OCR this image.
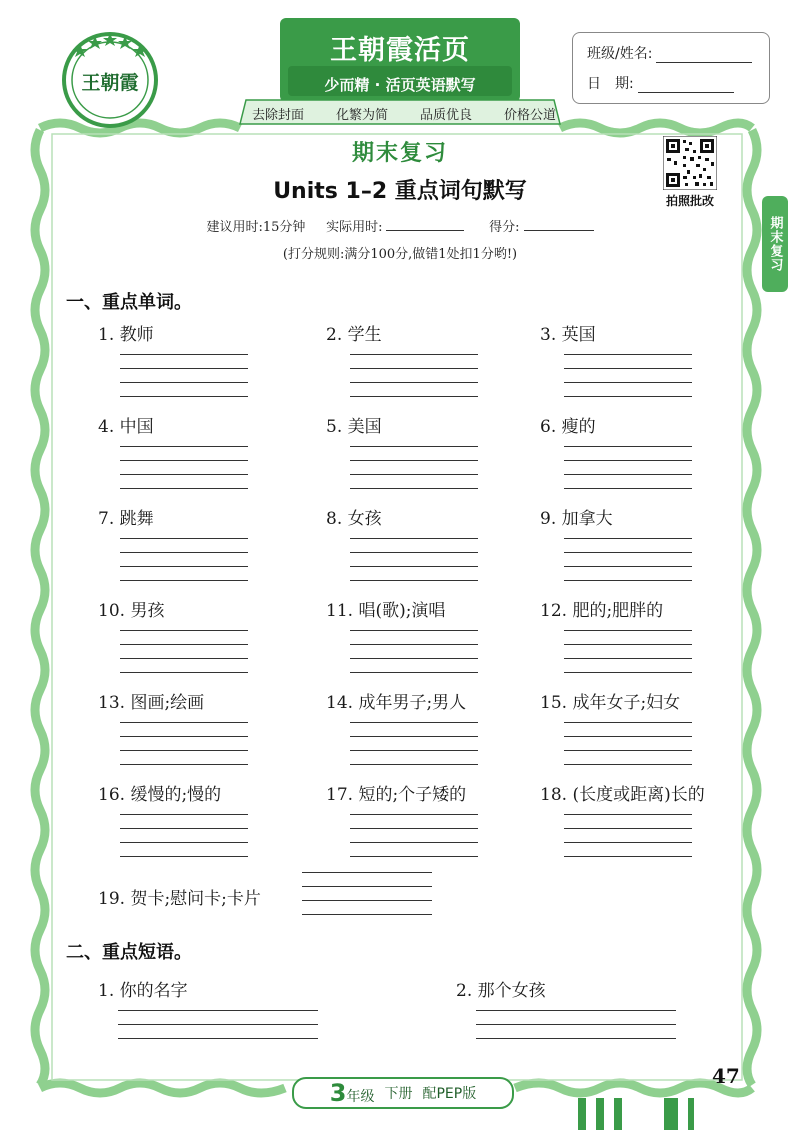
王朝霞活页
少而精 · 活页英语默写
去除封面 化繁为简 品质优良 价格公道
王朝霞
班级/姓名:
日　期:
拍照批改
期末复习
期末复习
Units 1–2 重点词句默写
建议用时:15分钟 实际用时:	得分:
(打分规则:满分100分,做错1处扣1分哟!)
一、重点单词。
1. 教师	2. 学生	3. 英国
4. 中国	5. 美国	6. 瘦的
7. 跳舞	8. 女孩	9. 加拿大
10. 男孩	11. 唱(歌);演唱	12. 肥的;肥胖的
13. 图画;绘画	14. 成年男子;男人	15. 成年女子;妇女
16. 缓慢的;慢的	17. 短的;个子矮的	18. (长度或距离)长的
19. 贺卡;慰问卡;卡片
二、重点短语。
1. 你的名字	2. 那个女孩
3年级 下册 配PEP版
47
